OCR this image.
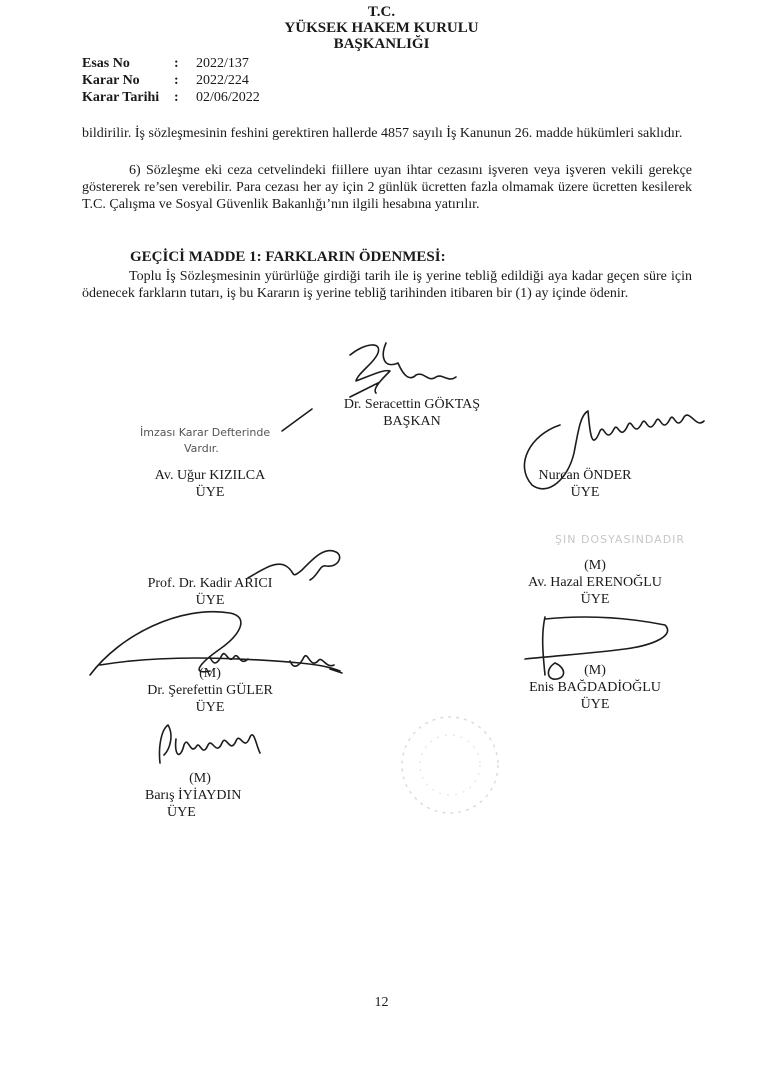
T.C.
YÜKSEK HAKEM KURULU
BAŞKANLIĞI
Esas No	:	2022/137
Karar No	:	2022/224
Karar Tarihi	:	02/06/2022
bildirilir. İş sözleşmesinin feshini gerektiren hallerde 4857 sayılı İş Kanunun 26. madde hükümleri saklıdır.
6) Sözleşme eki ceza cetvelindeki fiillere uyan ihtar cezasını işveren veya işveren vekili gerekçe göstererek re’sen verebilir. Para cezası her ay için 2 günlük ücretten fazla olmamak üzere ücretten kesilerek T.C. Çalışma ve Sosyal Güvenlik Bakanlığı’nın ilgili hesabına yatırılır.
GEÇİCİ MADDE 1: FARKLARIN ÖDENMESİ:
Toplu İş Sözleşmesinin yürürlüğe girdiği tarih ile iş yerine tebliğ edildiği aya kadar geçen süre için ödenecek farkların tutarı, iş bu Kararın iş yerine tebliğ tarihinden itibaren bir (1) ay içinde ödenir.
Dr. Seracettin GÖKTAŞ
BAŞKAN
İmzası Karar Defterinde
Vardır.
Av. Uğur KIZILCA
ÜYE
Nurcan ÖNDER
ÜYE
ŞIN DOSYASINDADIR
Prof. Dr. Kadir ARICI
ÜYE
(M)
Av. Hazal ERENOĞLU
ÜYE
(M)
Dr. Şerefettin GÜLER
ÜYE
(M)
Enis BAĞDADİOĞLU
ÜYE
(M)
Barış İYİAYDIN
ÜYE
12
